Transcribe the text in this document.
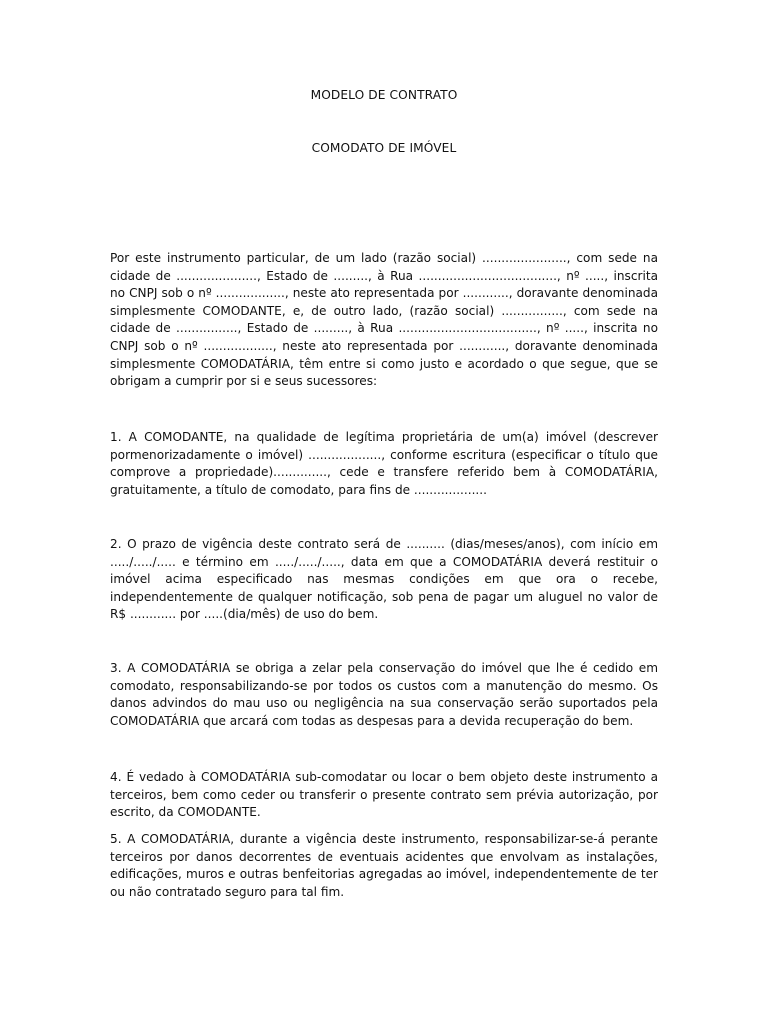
MODELO DE CONTRATO
COMODATO DE IMÓVEL

Por este instrumento particular, de um lado (razão social) ......................, com sede na cidade de ....................., Estado de ........., à Rua ...................................., nº ....., inscrita no CNPJ sob o nº .................., neste ato representada por ............, doravante denominada simplesmente COMODANTE, e, de outro lado, (razão social) ................, com sede na cidade de ................, Estado de ........., à Rua ...................................., nº ....., inscrita no CNPJ sob o nº .................., neste ato representada por ............, doravante denominada simplesmente COMODATÁRIA, têm entre si como justo e acordado o que segue, que se obrigam a cumprir por si e seus sucessores:

1. A COMODANTE, na qualidade de legítima proprietária de um(a) imóvel (descrever pormenorizadamente o imóvel) ..................., conforme escritura (especificar o título que comprove a propriedade).............., cede e transfere referido bem à COMODATÁRIA, gratuitamente, a título de comodato, para fins de ...................

2. O prazo de vigência deste contrato será de .......... (dias/meses/anos), com início em ...../...../..... e término em ...../...../....., data em que a COMODATÁRIA deverá restituir o imóvel acima especificado nas mesmas condições em que ora o recebe, independentemente de qualquer notificação, sob pena de pagar um aluguel no valor de R$ ............ por .....(dia/mês) de uso do bem.

3. A COMODATÁRIA se obriga a zelar pela conservação do imóvel que lhe é cedido em comodato, responsabilizando-se por todos os custos com a manutenção do mesmo. Os danos advindos do mau uso ou negligência na sua conservação serão suportados pela COMODATÁRIA que arcará com todas as despesas para a devida recuperação do bem.

4. É vedado à COMODATÁRIA sub-comodatar ou locar o bem objeto deste instrumento a terceiros, bem como ceder ou transferir o presente contrato sem prévia autorização, por escrito, da COMODANTE.

5. A COMODATÁRIA, durante a vigência deste instrumento, responsabilizar-se-á perante terceiros por danos decorrentes de eventuais acidentes que envolvam as instalações, edificações, muros e outras benfeitorias agregadas ao imóvel, independentemente de ter ou não contratado seguro para tal fim.
